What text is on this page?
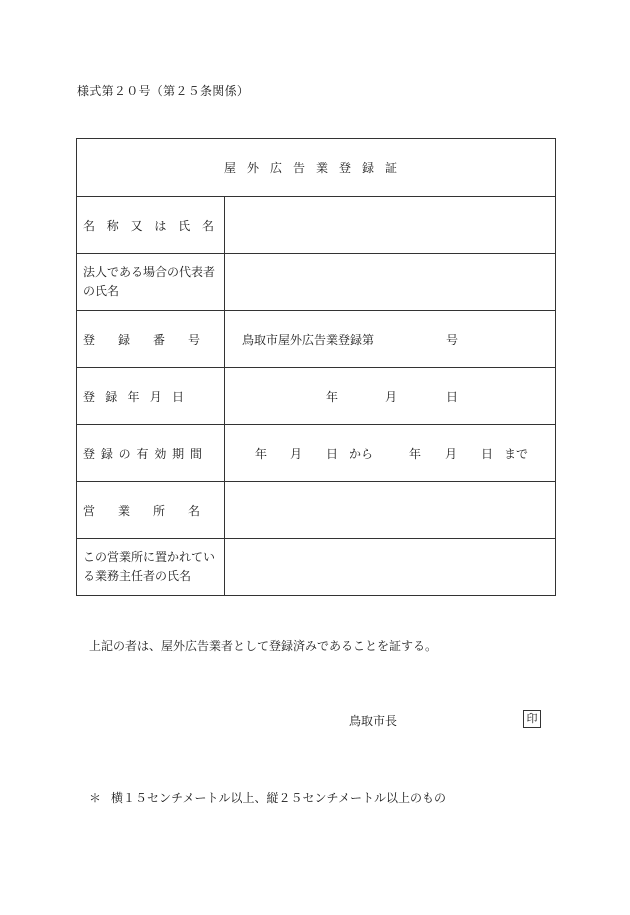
様式第２０号（第２５条関係）
屋外広告業登録証
名 称 又 は 氏 名
法人である場合の代表者の氏名
登 録 番 号	鳥取市屋外広告業登録第	号
登 録 年 月 日	年	月	日
登 録 の 有 効 期 間	年 月 日 から	年 月 日 まで
営 業 所 名
この営業所に置かれている業務主任者の氏名
上記の者は、屋外広告業者として登録済みであることを証する。
鳥取市長	印
＊ 横１５センチメートル以上、縦２５センチメートル以上のもの
